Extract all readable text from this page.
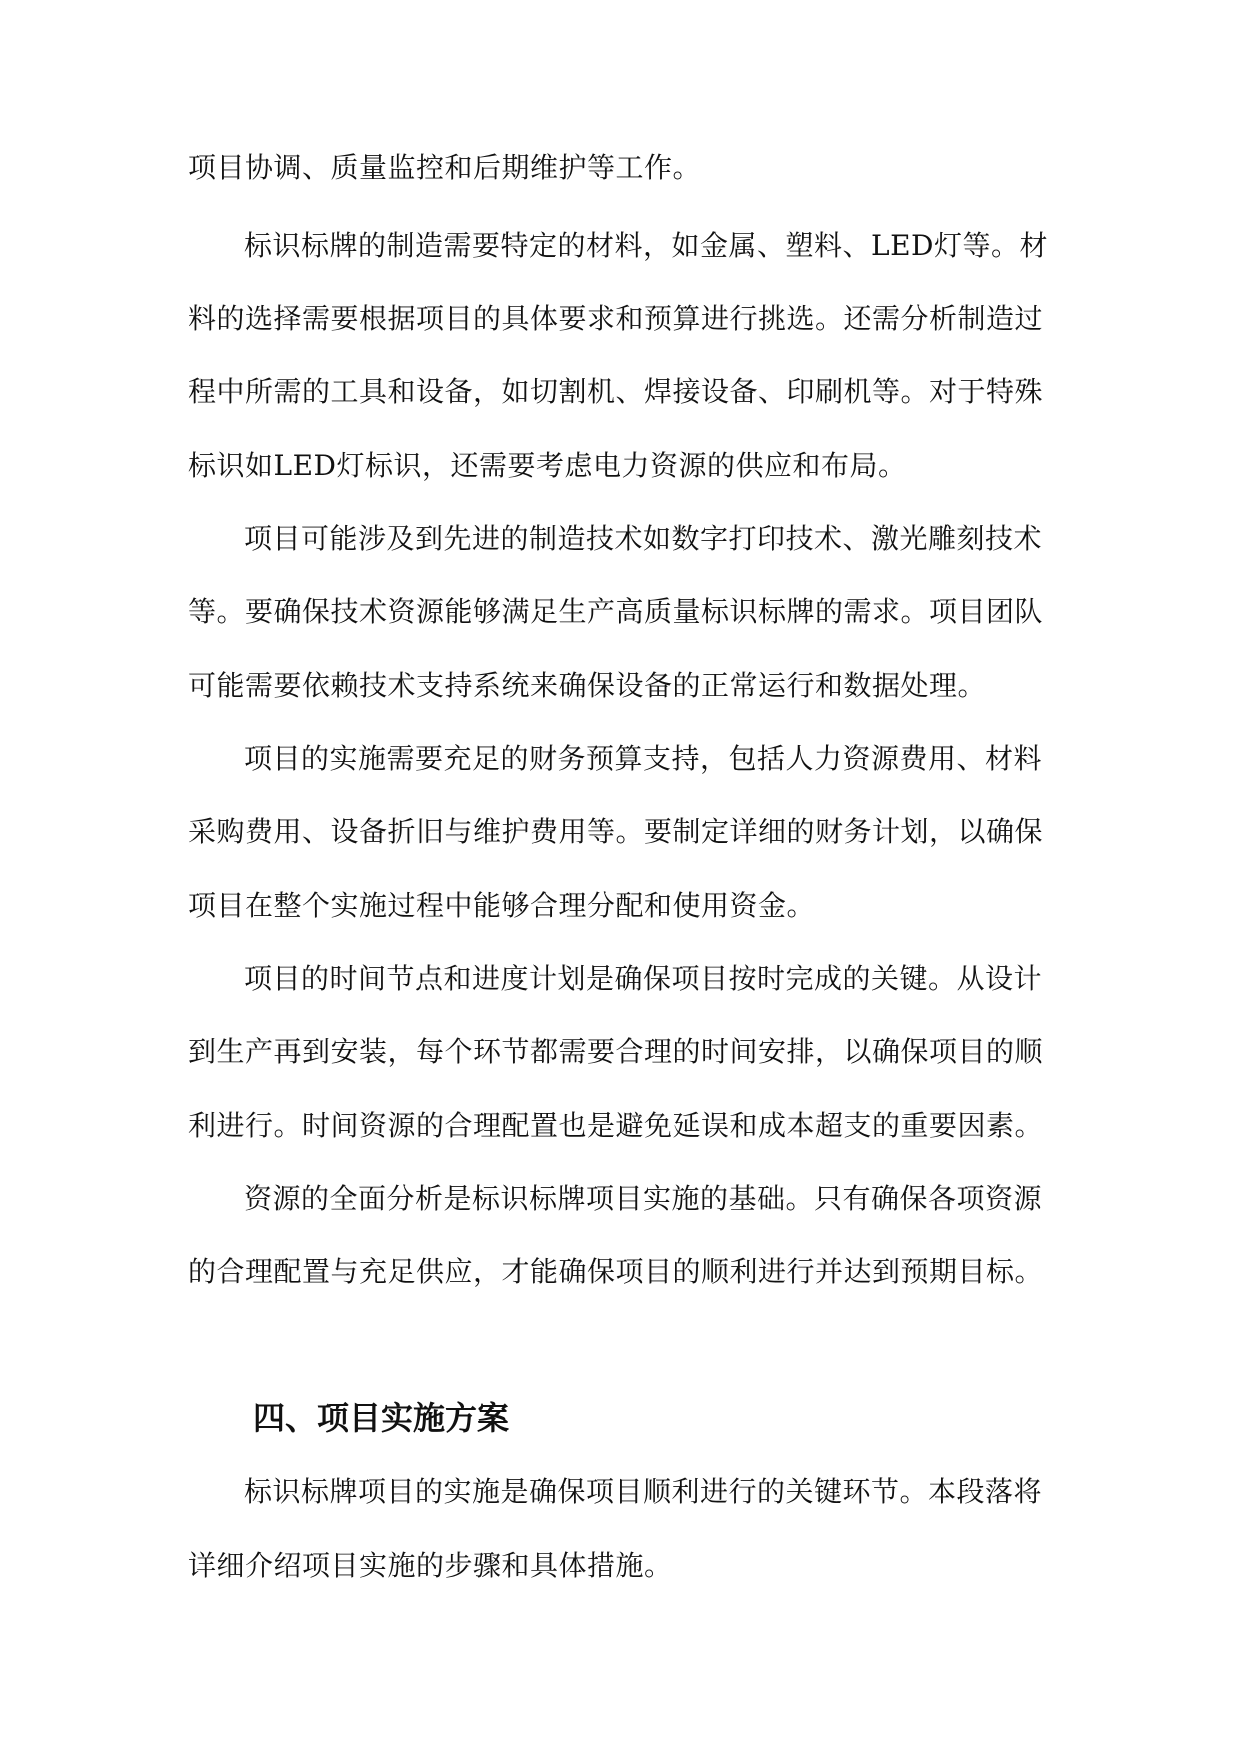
项目协调、质量监控和后期维护等工作。
标识标牌的制造需要特定的材料，如金属、塑料、LED灯等。材
料的选择需要根据项目的具体要求和预算进行挑选。还需分析制造过
程中所需的工具和设备，如切割机、焊接设备、印刷机等。对于特殊
标识如LED灯标识，还需要考虑电力资源的供应和布局。
项目可能涉及到先进的制造技术如数字打印技术、激光雕刻技术
等。要确保技术资源能够满足生产高质量标识标牌的需求。项目团队
可能需要依赖技术支持系统来确保设备的正常运行和数据处理。
项目的实施需要充足的财务预算支持，包括人力资源费用、材料
采购费用、设备折旧与维护费用等。要制定详细的财务计划，以确保
项目在整个实施过程中能够合理分配和使用资金。
项目的时间节点和进度计划是确保项目按时完成的关键。从设计
到生产再到安装，每个环节都需要合理的时间安排，以确保项目的顺
利进行。时间资源的合理配置也是避免延误和成本超支的重要因素。
资源的全面分析是标识标牌项目实施的基础。只有确保各项资源
的合理配置与充足供应，才能确保项目的顺利进行并达到预期目标。
四、项目实施方案
标识标牌项目的实施是确保项目顺利进行的关键环节。本段落将
详细介绍项目实施的步骤和具体措施。
